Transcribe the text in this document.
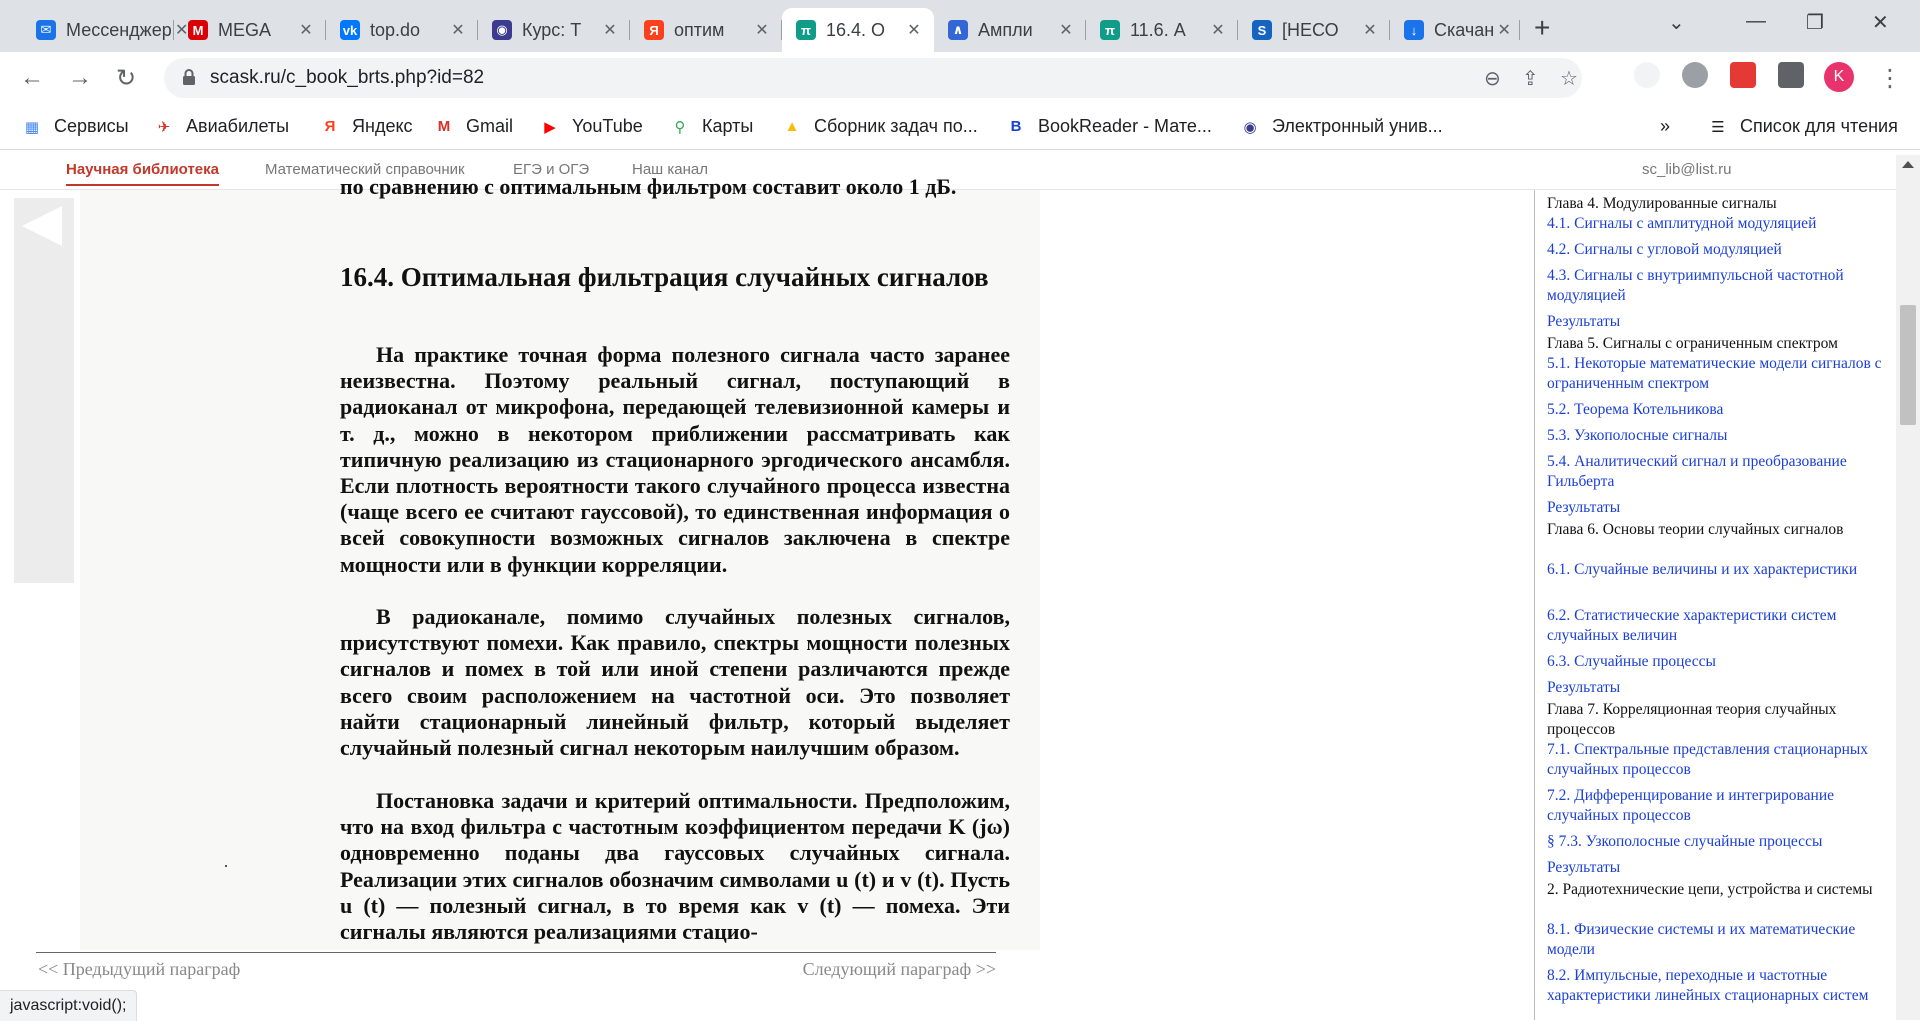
✉ Мессенджер ✕ M MEGA	✕ vk top.do	✕	◉ Курс: Т	✕	Я оптим	✕	π 16.4. О	✕	∧ Ампли	✕	π 11.6. А	✕	S [НЕСО	✕	↓ Скачан ✕ +	⌄	— ❐ ✕
← → ↻	scask.ru/c_book_brts.php?id=82	⊖ ⇪ ☆	K	⋮
▦ Сервисы ✈ Авиабилеты	Я Яндекс M Gmail ▶ YouTube	⚲ Карты ▲ Сборник задач по...	B BookReader - Мате... ◉ Электронный унив...	»	☰ Список для чтения
Научная библиотека	Математический справочник	ЕГЭ и ОГЭ	Наш канал	sc_lib@list.ru
по сравнению с оптимальным фильтром составит около 1 дБ.
16.4. Оптимальная фильтрация случайных сигналов
На практике точная форма полезного сигнала часто заранее неизвестна. Поэтому реальный сигнал, поступающий в радиоканал от микрофона, передающей телевизионной камеры и т. д., можно в некотором приближении рассматривать как типичную реализацию из стационарного эргодического ансамбля. Если плотность вероятности такого случайного процесса известна (чаще всего ее считают гауссовой), то единственная информация о всей совокупности возможных сигналов заключена в спектре мощности или в функции корреляции.
В радиоканале, помимо случайных полезных сигналов, присутствуют помехи. Как правило, спектры мощности полезных сигналов и помех в той или иной степени различаются прежде всего своим расположением на частотной оси. Это позволяет найти стационарный линейный фильтр, который выделяет случайный полезный сигнал некоторым наилучшим образом.
Постановка задачи и критерий оптимальности. Предположим, что на вход фильтра с частотным коэффициентом передачи K (jω) одновременно поданы два гауссовых случайных сигнала. Реализации этих сигналов обозначим символами u (t) и v (t). Пусть u (t) — полезный сигнал, в то время как v (t) — помеха. Эти сигналы являются реализациями стацио-
<< Предыдущий параграф	Следующий параграф >>
javascript:void();
Глава 4. Модулированные сигналы
4.1. Сигналы с амплитудной модуляцией
4.2. Сигналы с угловой модуляцией
4.3. Сигналы с внутриимпульсной частотной модуляцией
Результаты
Глава 5. Сигналы с ограниченным спектром
5.1. Некоторые математические модели сигналов с ограниченным спектром
5.2. Теорема Котельникова
5.3. Узкополосные сигналы
5.4. Аналитический сигнал и преобразование Гильберта
Результаты
Глава 6. Основы теории случайных сигналов
6.1. Случайные величины и их характеристики
6.2. Статистические характеристики систем случайных величин
6.3. Случайные процессы
Результаты
Глава 7. Корреляционная теория случайных процессов
7.1. Спектральные представления стационарных случайных процессов
7.2. Дифференцирование и интегрирование случайных процессов
§ 7.3. Узкополосные случайные процессы
Результаты
2. Радиотехнические цепи, устройства и системы
8.1. Физические системы и их математические модели
8.2. Импульсные, переходные и частотные характеристики линейных стационарных систем
